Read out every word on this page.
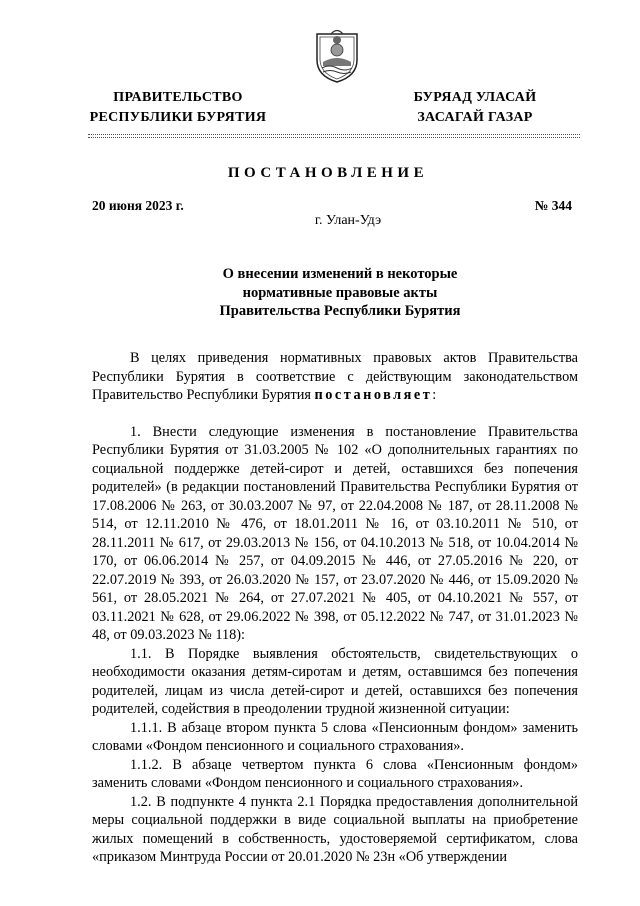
ПРАВИТЕЛЬСТВО
РЕСПУБЛИКИ БУРЯТИЯ
БУРЯАД УЛАСАЙ
ЗАСАГАЙ ГАЗАР
ПОСТАНОВЛЕНИЕ
20 июня 2023 г.	№ 344
г. Улан-Удэ
О внесении изменений в некоторые
нормативные правовые акты
Правительства Республики Бурятия

В целях приведения нормативных правовых актов Правительства Республики Бурятия в соответствие с действующим законодательством Правительство Республики Бурятия постановляет:

1. Внести следующие изменения в постановление Правительства Республики Бурятия от 31.03.2005 № 102 «О дополнительных гарантиях по социальной поддержке детей-сирот и детей, оставшихся без попечения родителей» (в редакции постановлений Правительства Республики Бурятия от 17.08.2006 № 263, от 30.03.2007 № 97, от 22.04.2008 № 187, от 28.11.2008 № 514, от 12.11.2010 № 476, от 18.01.2011 № 16, от 03.10.2011 № 510, от 28.11.2011 № 617, от 29.03.2013 № 156, от 04.10.2013 № 518, от 10.04.2014 № 170, от 06.06.2014 № 257, от 04.09.2015 № 446, от 27.05.2016 № 220, от 22.07.2019 № 393, от 26.03.2020 № 157, от 23.07.2020 № 446, от 15.09.2020 № 561, от 28.05.2021 № 264, от 27.07.2021 № 405, от 04.10.2021 № 557, от 03.11.2021 № 628, от 29.06.2022 № 398, от 05.12.2022 № 747, от 31.01.2023 № 48, от 09.03.2023 № 118):

1.1. В Порядке выявления обстоятельств, свидетельствующих о необходимости оказания детям-сиротам и детям, оставшимся без попечения родителей, лицам из числа детей-сирот и детей, оставшихся без попечения родителей, содействия в преодолении трудной жизненной ситуации:

1.1.1. В абзаце втором пункта 5 слова «Пенсионным фондом» заменить словами «Фондом пенсионного и социального страхования».

1.1.2. В абзаце четвертом пункта 6 слова «Пенсионным фондом» заменить словами «Фондом пенсионного и социального страхования».

1.2. В подпункте 4 пункта 2.1 Порядка предоставления дополнительной меры социальной поддержки в виде социальной выплаты на приобретение жилых помещений в собственность, удостоверяемой сертификатом, слова «приказом Минтруда России от 20.01.2020 № 23н «Об утверждении
